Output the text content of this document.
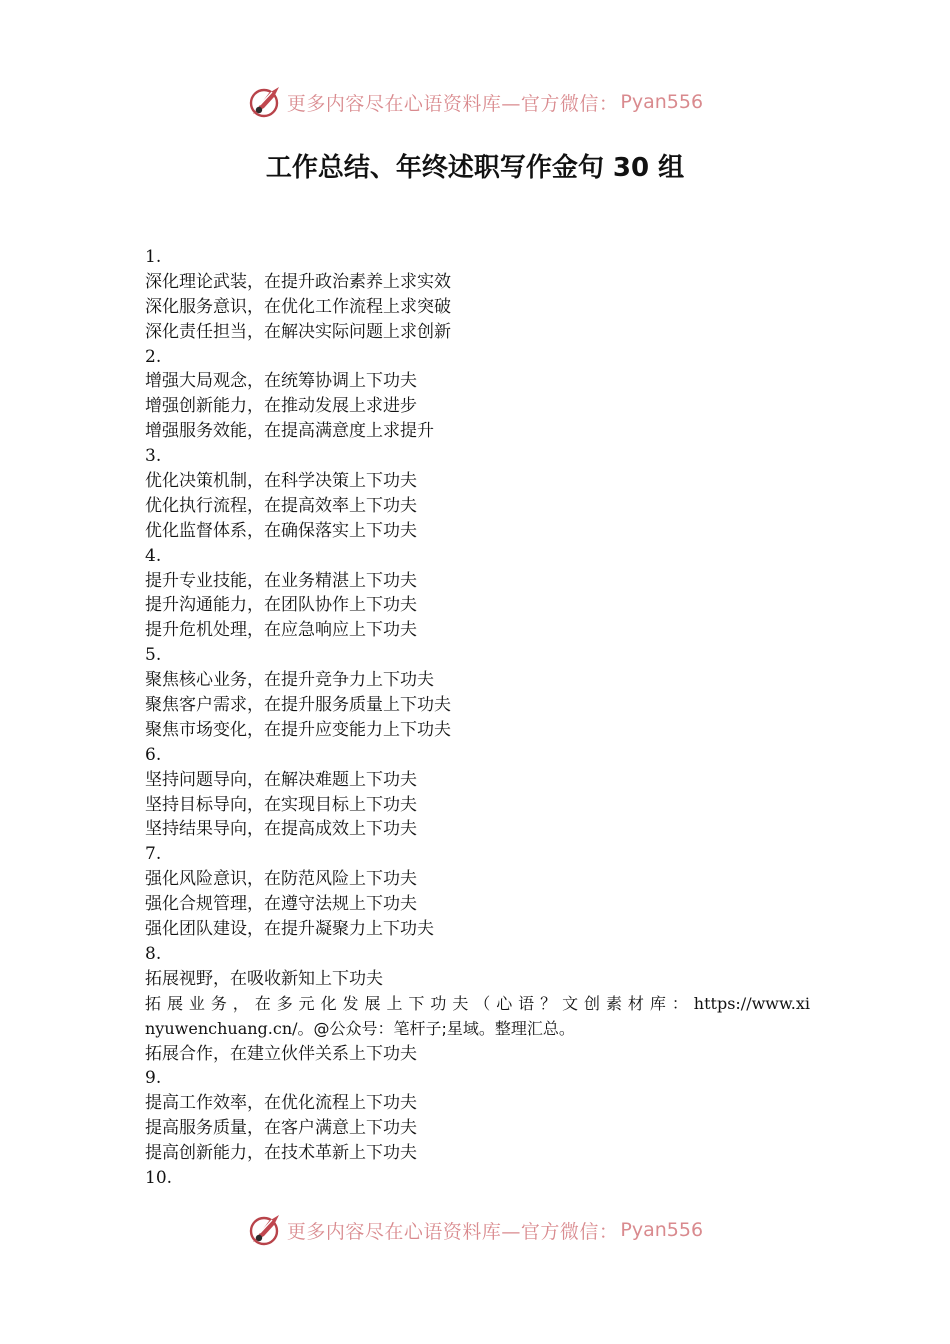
更多内容尽在心语资料库—官方微信： Pyan556
工作总结、年终述职写作金句 30 组

1.

深化理论武装，在提升政治素养上求实效

深化服务意识，在优化工作流程上求突破

深化责任担当，在解决实际问题上求创新

2.

增强大局观念，在统筹协调上下功夫

增强创新能力，在推动发展上求进步

增强服务效能，在提高满意度上求提升

3.

优化决策机制，在科学决策上下功夫

优化执行流程，在提高效率上下功夫

优化监督体系，在确保落实上下功夫

4.

提升专业技能，在业务精湛上下功夫

提升沟通能力，在团队协作上下功夫

提升危机处理，在应急响应上下功夫

5.

聚焦核心业务，在提升竞争力上下功夫

聚焦客户需求，在提升服务质量上下功夫

聚焦市场变化，在提升应变能力上下功夫

6.

坚持问题导向，在解决难题上下功夫

坚持目标导向，在实现目标上下功夫

坚持结果导向，在提高成效上下功夫

7.

强化风险意识，在防范风险上下功夫

强化合规管理，在遵守法规上下功夫

强化团队建设，在提升凝聚力上下功夫

8.

拓展视野，在吸收新知上下功夫

拓展业务，在多元化发展上下功夫（心语？文创素材库：https://www.xinyuwenchuang.cn/。@公众号：笔杆子;星域。整理汇总。

拓展合作，在建立伙伴关系上下功夫

9.

提高工作效率，在优化流程上下功夫

提高服务质量，在客户满意上下功夫

提高创新能力，在技术革新上下功夫

10.

更多内容尽在心语资料库—官方微信： Pyan556
